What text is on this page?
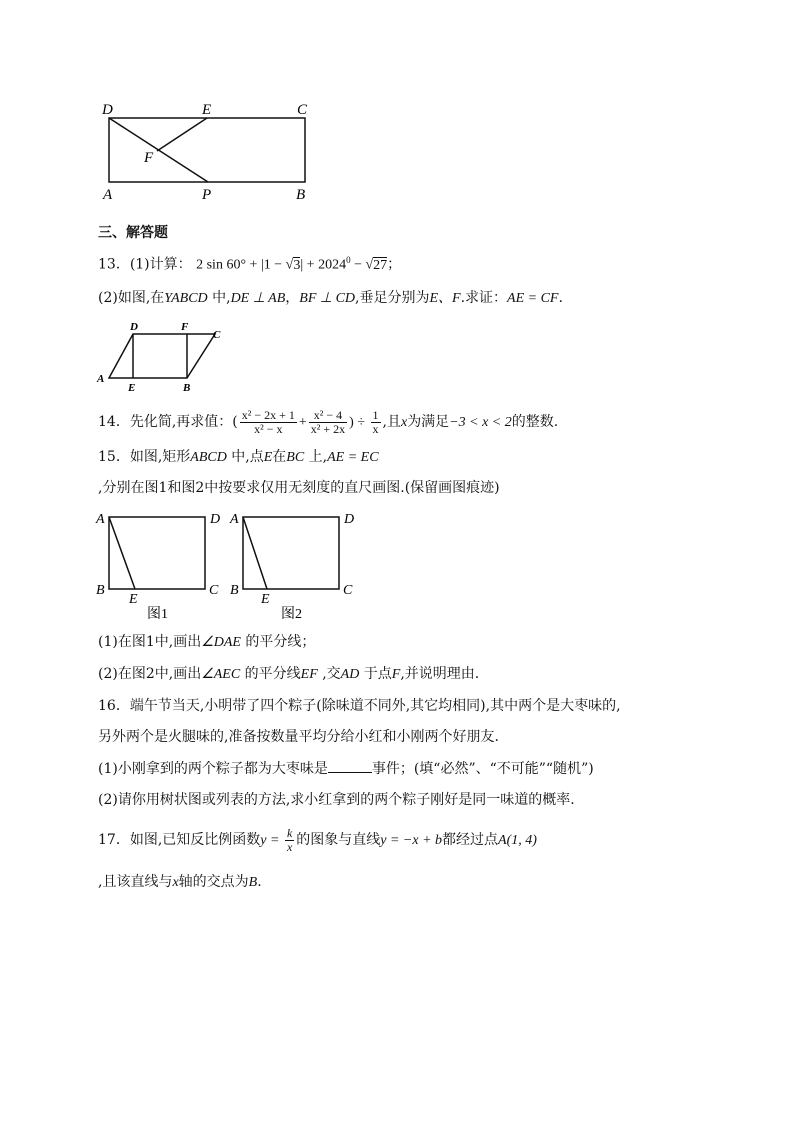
D	E	C
F
A	P	B
三、解答题
13．(1)计算： 2 $\sin 60^\circ + |1 - √3| + 2024^0 - √27$；
(2)如图,在YABCD 中,DE ⊥ AB，BF ⊥ CD,垂足分别为E、F.求证：AE = CF.
D	F
C
A
E	B
14．先化简,再求值：( $\frac{\text{x² − 2x + 1}}{\text{x² − x}} + \frac{\text{x² − 4}}{\text{x² + 2x}}$ ) ÷ $\frac{1}{x}$ ,且x为满足−3 < x < 2的整数.
15．如图,矩形ABCD 中,点E在BC 上,AE = EC
,分别在图1和图2中按要求仅用无刻度的直尺画图.(保留画图痕迹)
A	D
B
E
C
图1
A	D
B
E
C
图2
(1)在图1中,画出∠DAE 的平分线；
(2)在图2中,画出∠AEC 的平分线EF ,交AD 于点F,并说明理由.
16．端午节当天,小明带了四个粽子(除味道不同外,其它均相同),其中两个是大枣味的,
另外两个是火腿味的,准备按数量平均分给小红和小刚两个好朋友.
(1)小刚拿到的两个粽子都为大枣味是	事件；(填“必然”、“不可能”“随机”)
(2)请你用树状图或列表的方法,求小红拿到的两个粽子刚好是同一味道的概率.
17．如图,已知反比例函数$y = \frac{k}{x}$ 的图象与直线y = −x + b都经过点A(1, 4)
,且该直线与x轴的交点为B.
